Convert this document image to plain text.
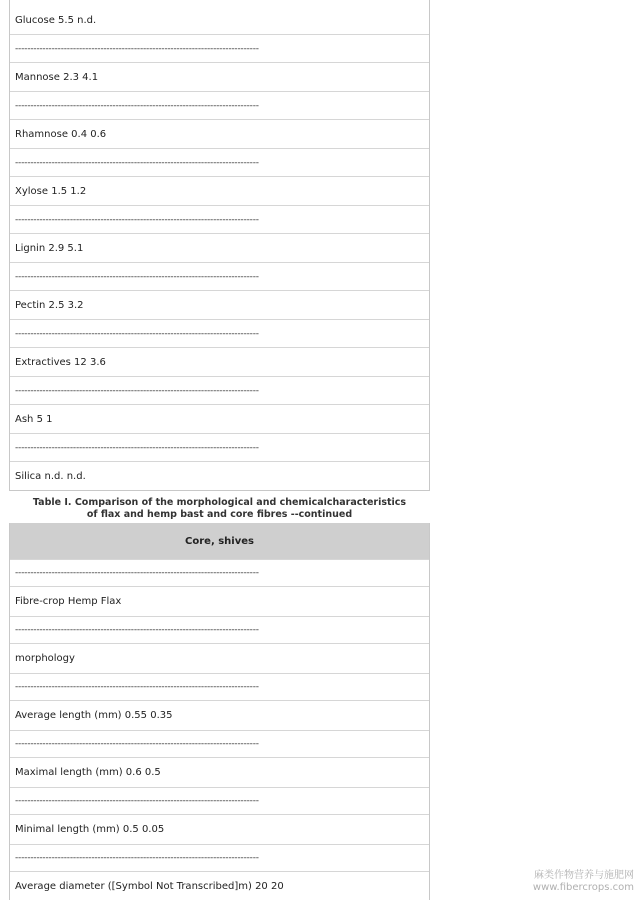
Glucose 5.5 n.d.
--------------------------------------------------------------------------------
Mannose 2.3 4.1
--------------------------------------------------------------------------------
Rhamnose 0.4 0.6
--------------------------------------------------------------------------------
Xylose 1.5 1.2
--------------------------------------------------------------------------------
Lignin 2.9 5.1
--------------------------------------------------------------------------------
Pectin 2.5 3.2
--------------------------------------------------------------------------------
Extractives 12 3.6
--------------------------------------------------------------------------------
Ash 5 1
--------------------------------------------------------------------------------
Silica n.d. n.d.
Table I. Comparison of the morphological and chemicalcharacteristics
of flax and hemp bast and core fibres --continued
Core, shives
--------------------------------------------------------------------------------
Fibre-crop Hemp Flax
--------------------------------------------------------------------------------
morphology
--------------------------------------------------------------------------------
Average length (mm) 0.55 0.35
--------------------------------------------------------------------------------
Maximal length (mm) 0.6 0.5
--------------------------------------------------------------------------------
Minimal length (mm) 0.5 0.05
--------------------------------------------------------------------------------
Average diameter ([Symbol Not Transcribed]m) 20 20
麻类作物营养与施肥网
www.fibercrops.com
